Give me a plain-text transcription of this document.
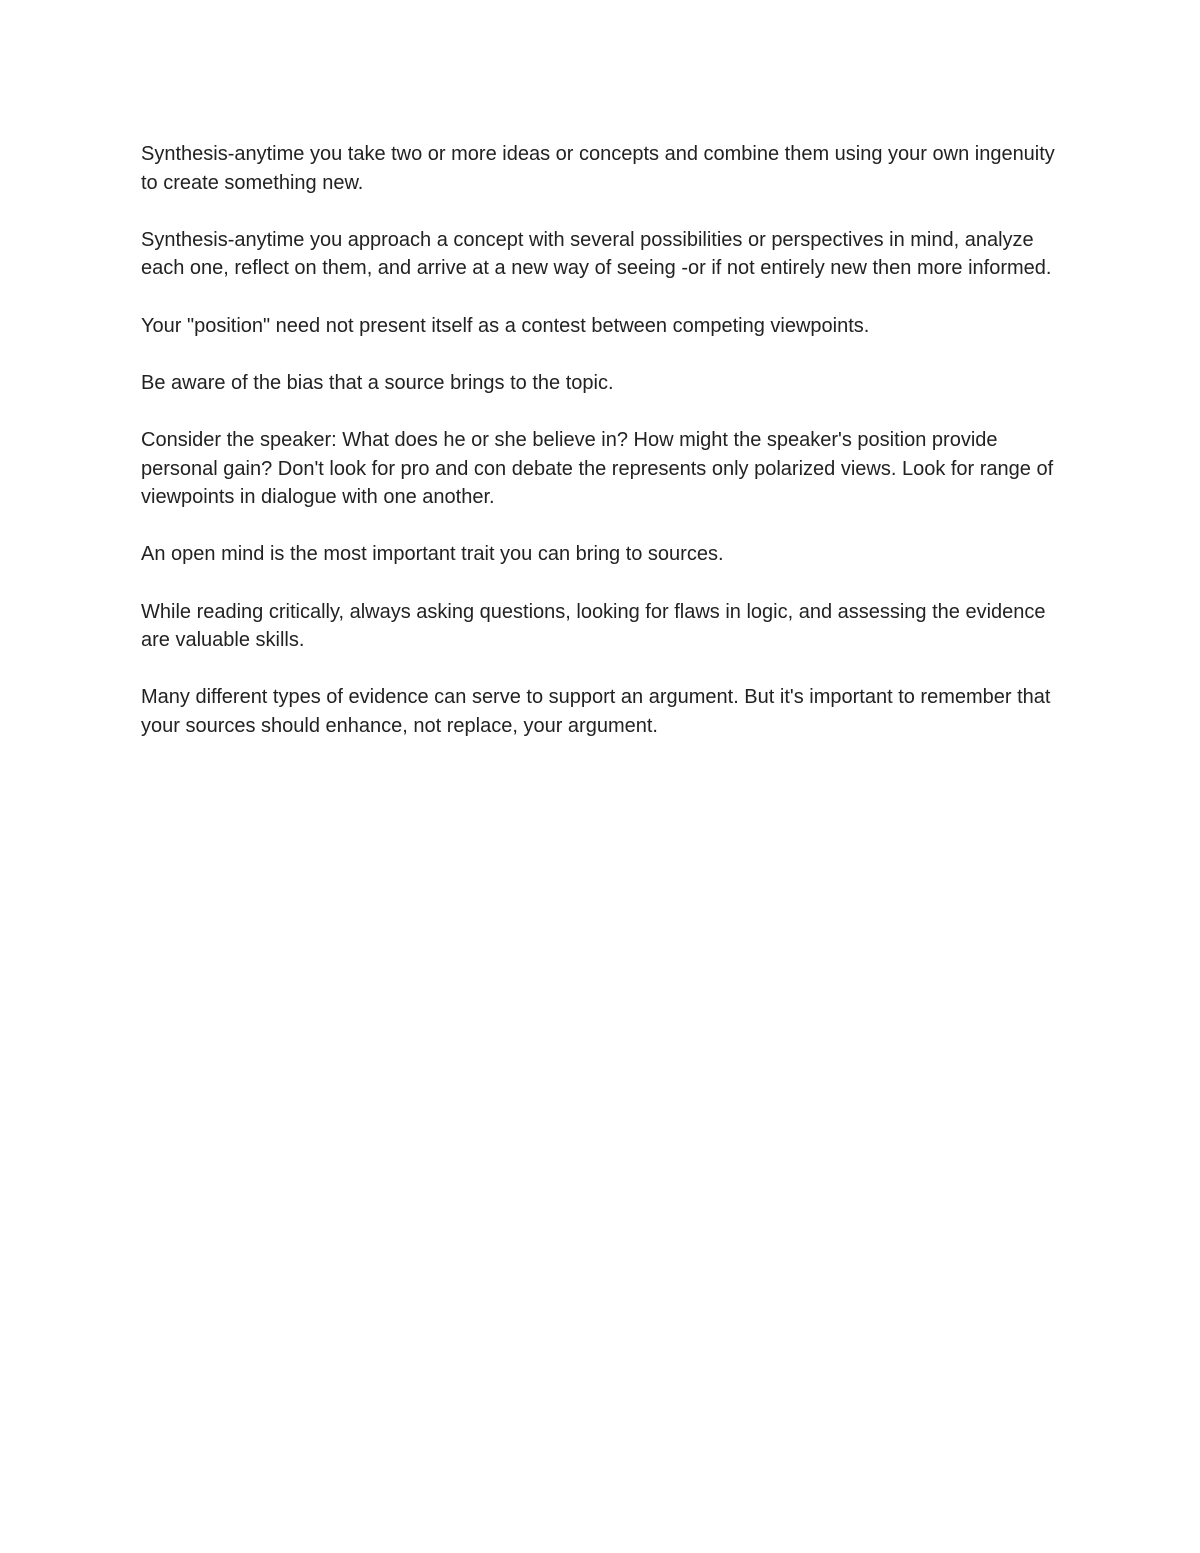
Synthesis-anytime you take two or more ideas or concepts and combine them using your own ingenuity to create something new.

Synthesis-anytime you approach a concept with several possibilities or perspectives in mind, analyze each one, reflect on them, and arrive at a new way of seeing -or if not entirely new then more informed.

Your "position" need not present itself as a contest between competing viewpoints.

Be aware of the bias that a source brings to the topic.

Consider the speaker: What does he or she believe in? How might the speaker's position provide personal gain? Don't look for pro and con debate the represents only polarized views. Look for range of viewpoints in dialogue with one another.

An open mind is the most important trait you can bring to sources.

While reading critically, always asking questions, looking for flaws in logic, and assessing the evidence are valuable skills.

Many different types of evidence can serve to support an argument. But it's important to remember that your sources should enhance, not replace, your argument.
